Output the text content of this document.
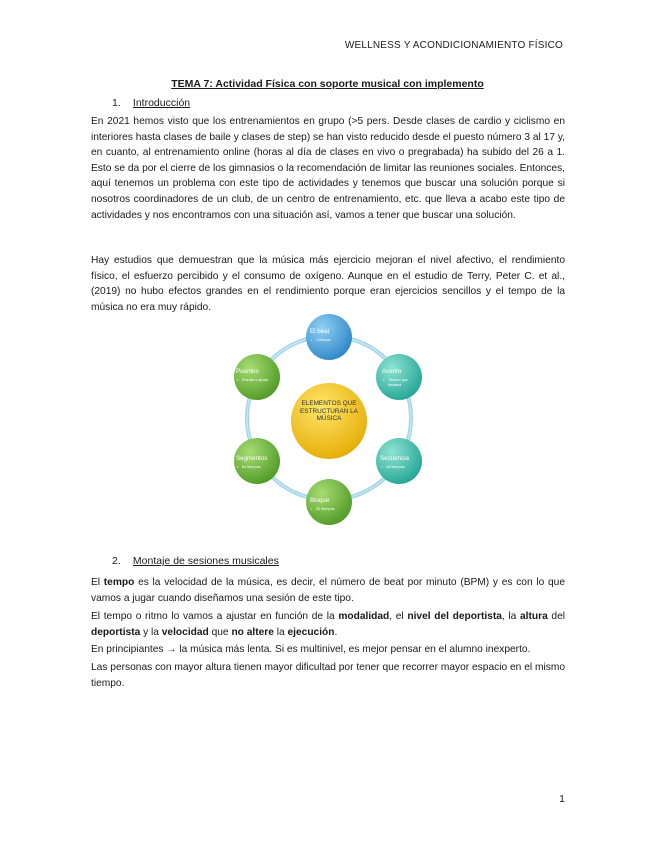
WELLNESS Y ACONDICIONAMIENTO FÍSICO
TEMA 7: Actividad Física con soporte musical con implemento
1. Introducción

En 2021 hemos visto que los entrenamientos en grupo (>5 pers. Desde clases de cardio y ciclismo en interiores hasta clases de baile y clases de step) se han visto reducido desde el puesto número 3 al 17 y, en cuanto, al entrenamiento online (horas al día de clases en vivo o pregrabada) ha subido del 26 a 1. Esto se da por el cierre de los gimnasios o la recomendación de limitar las reuniones sociales. Entonces, aquí tenemos un problema con este tipo de actividades y tenemos que buscar una solución porque si nosotros coordinadores de un club, de un centro de entrenamiento, etc. que lleva a acabo este tipo de actividades y nos encontramos con una situación así, vamos a tener que buscar una solución.

Hay estudios que demuestran que la música más ejercicio mejoran el nivel afectivo, el rendimiento físico, el esfuerzo percibido y el consumo de oxígeno. Aunque en el estudio de Terry, Peter C. et al., (2019) no hubo efectos grandes en el rendimiento porque eran ejercicios sencillos y el tempo de la música no era muy rápido.

ELEMENTOS QUE ESTRUCTURAN LA MÚSICA
El beat
• 1 tiempo
Acento
• Tiempo que destaca
Secuencia
• 16 tiempos
Bloque
• 32 tiempos
Segmentos
• 64 tiempos
Puentes
• Puente o ajuste
2. Montaje de sesiones musicales

El tempo es la velocidad de la música, es decir, el número de beat por minuto (BPM) y es con lo que vamos a jugar cuando diseñamos una sesión de este tipo.

El tempo o ritmo lo vamos a ajustar en función de la modalidad, el nivel del deportista, la altura del deportista y la velocidad que no altere la ejecución.

En principiantes → la música más lenta. Si es multinivel, es mejor pensar en el alumno inexperto.

Las personas con mayor altura tienen mayor dificultad por tener que recorrer mayor espacio en el mismo tiempo.

1
